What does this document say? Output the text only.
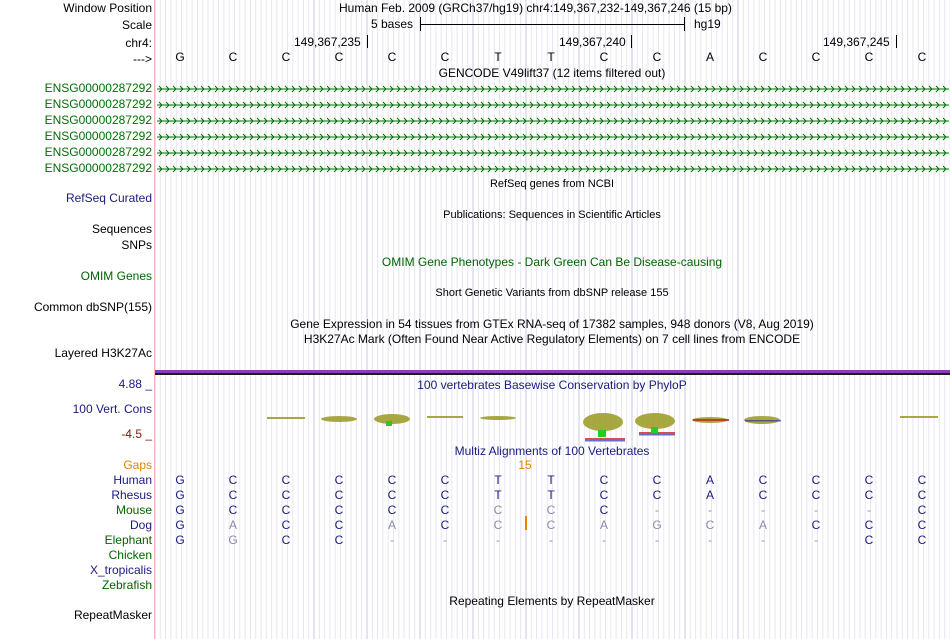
Window Position
Scale
chr4:
--->
Human Feb. 2009 (GRCh37/hg19) chr4:149,367,232-149,367,246 (15 bp)
5 bases	hg19
149,367,235	149,367,240	149,367,245
G	C	C	C	C	C	T	T	C	C	A	C	C	C	C
GENCODE V49lift37 (12 items filtered out)
ENSG00000287292
ENSG00000287292
ENSG00000287292
ENSG00000287292
ENSG00000287292
ENSG00000287292
RefSeq genes from NCBI
RefSeq Curated
Publications: Sequences in Scientific Articles
Sequences
SNPs
OMIM Gene Phenotypes - Dark Green Can Be Disease-causing
OMIM Genes
Short Genetic Variants from dbSNP release 155
Common dbSNP(155)
Gene Expression in 54 tissues from GTEx RNA-seq of 17382 samples, 948 donors (V8, Aug 2019)
H3K27Ac Mark (Often Found Near Active Regulatory Elements) on 7 cell lines from ENCODE
Layered H3K27Ac
4.88 _	100 vertebrates Basewise Conservation by PhyloP
100 Vert. Cons
-4.5 _
Multiz Alignments of 100 Vertebrates
Gaps	15
Human	G	C	C	C	C	C	T	T	C	C	A	C	C	C	C
Rhesus	G	C	C	C	C	C	T	T	C	C	A	C	C	C	C
Mouse	G	C	C	C	C	C	C	C	C	-	-	-	-	-	C
Dog	G	A	C	C	A	C	C	C	A	G	C	A	C	C	C
Elephant	G	G	C	C	-	-	-	-	-	-	-	-	-	C	C
Chicken
X_tropicalis
Zebrafish
Repeating Elements by RepeatMasker
RepeatMasker
